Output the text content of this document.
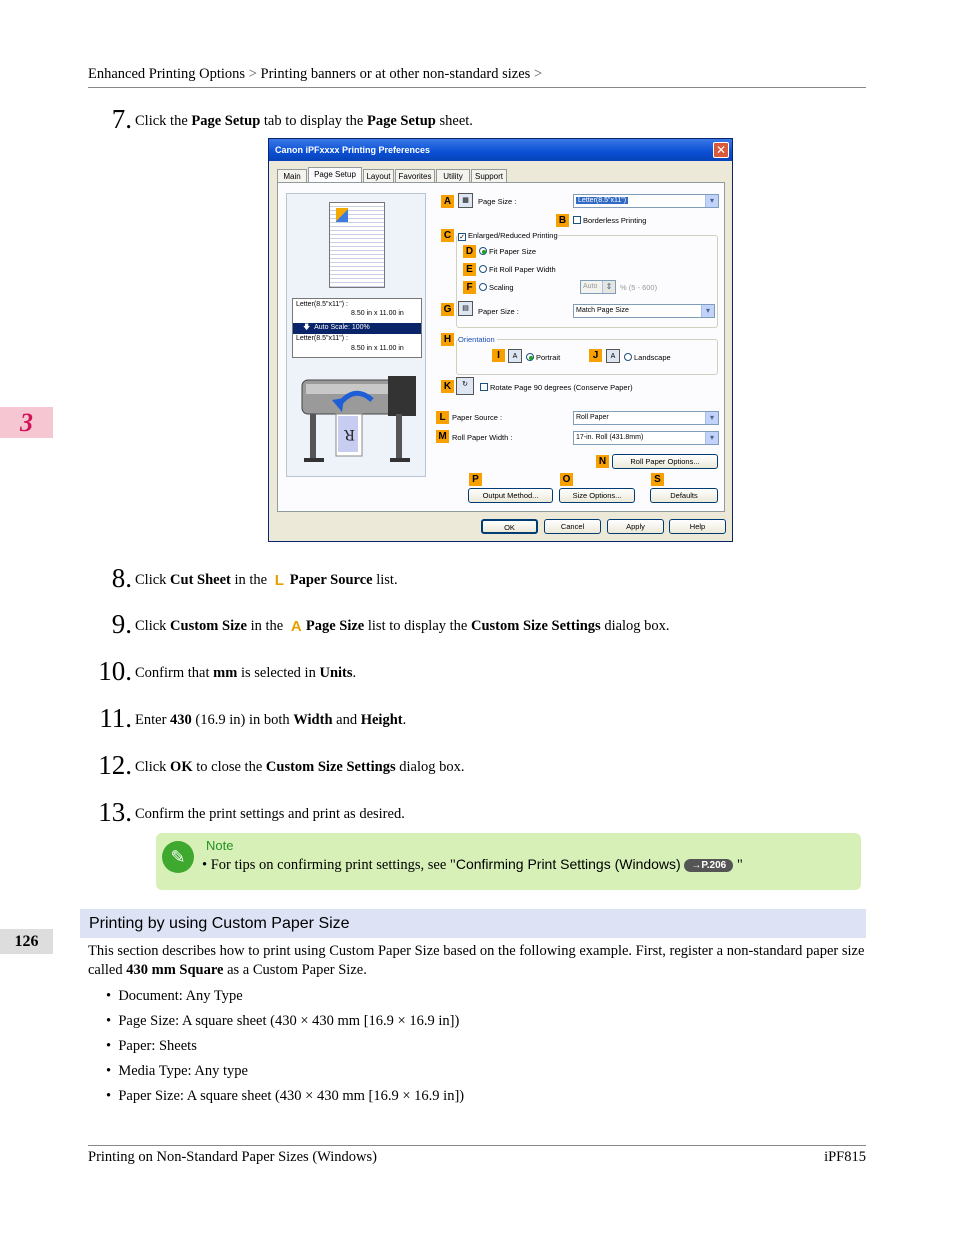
Enhanced Printing Options > Printing banners or at other non-standard sizes >
3
126
7. Click the Page Setup tab to display the Page Setup sheet.
Canon iPFxxxx Printing Preferences	✕
Main	Page Setup	Layout	Favorites	Utility	Support
Letter(8.5"x11") :
8.50 in x 11.00 in
🡇  Auto Scale: 100%
Letter(8.5"x11") :
8.50 in x 11.00 in
R
A	▦	Page Size :	Letter(8.5"x11")	▾
B	Borderless Printing
C	✓ Enlarged/Reduced Printing
D	Fit Paper Size
E	Fit Roll Paper Width
F	Scaling	Auto	⇕	% (5 - 600)
G	▤	Paper Size :	Match Page Size	▾
H Orientation
I	A	Portrait	J	A	Landscape
K	↻	Rotate Page 90 degrees (Conserve Paper)
L Paper Source :	Roll Paper	▾
M Roll Paper Width :	17-in. Roll (431.8mm)	▾
N	Roll Paper Options...
P	O	S
Output Method...	Size Options...	Defaults
OK	Cancel	Apply	Help
8. Click Cut Sheet in the L Paper Source list.
9. Click Custom Size in the A Page Size list to display the Custom Size Settings dialog box.
10. Confirm that mm is selected in Units.
11. Enter 430 (16.9 in) in both Width and Height.
12. Click OK to close the Custom Size Settings dialog box.
13. Confirm the print settings and print as desired.
✎
Note
• For tips on confirming print settings, see "Confirming Print Settings (Windows) →P.206 "
Printing by using Custom Paper Size
This section describes how to print using Custom Paper Size based on the following example. First, register a non-standard paper size called 430 mm Square as a Custom Paper Size.
•  Document: Any Type
•  Page Size: A square sheet (430 × 430 mm [16.9 × 16.9 in])
•  Paper: Sheets
•  Media Type: Any type
•  Paper Size: A square sheet (430 × 430 mm [16.9 × 16.9 in])
Printing on Non-Standard Paper Sizes (Windows)	iPF815
